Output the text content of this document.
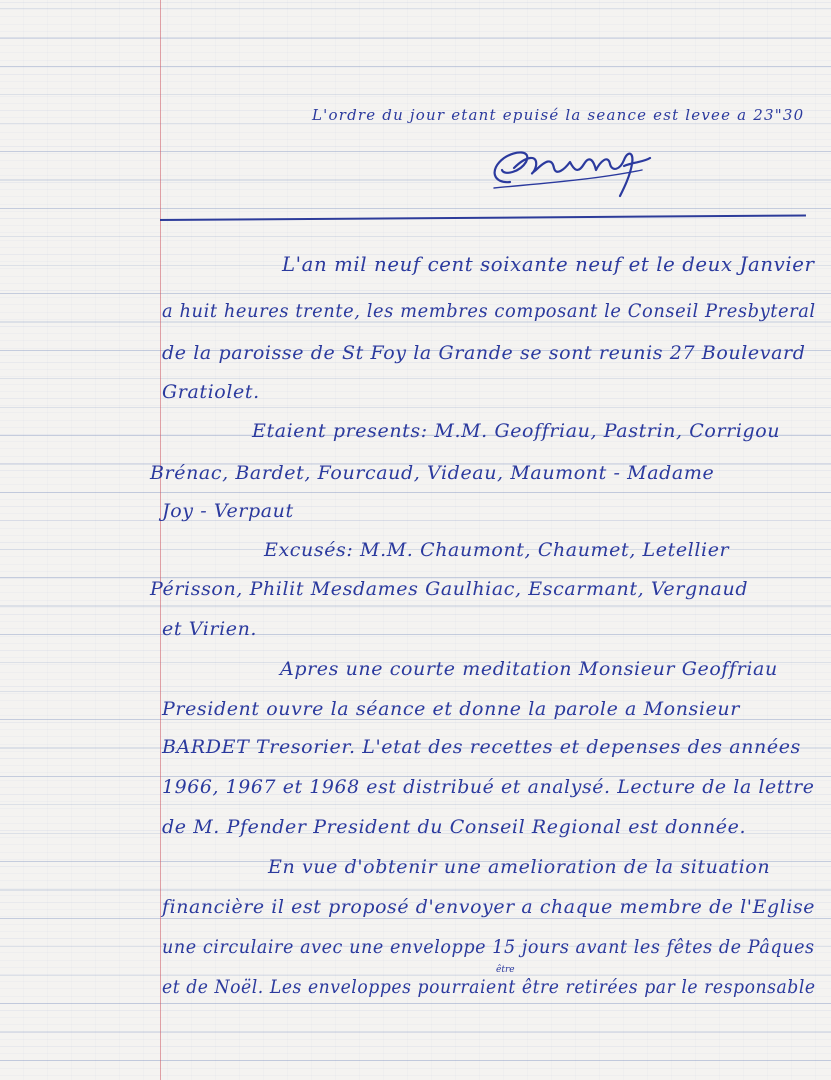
L'ordre du jour etant epuisé la seance est levee a 23"30
L'an mil neuf cent soixante neuf et le deux Janvier
a huit heures trente, les membres composant le Conseil Presbyteral
de la paroisse de St Foy la Grande se sont reunis 27 Boulevard
Gratiolet.
Etaient presents: M.M. Geoffriau, Pastrin, Corrigou
Brénac, Bardet, Fourcaud, Videau, Maumont - Madame
Joy - Verpaut
Excusés: M.M. Chaumont, Chaumet, Letellier
Périsson, Philit Mesdames Gaulhiac, Escarmant, Vergnaud
et Virien.
Apres une courte meditation Monsieur Geoffriau
President ouvre la séance et donne la parole a Monsieur
BARDET Tresorier. L'etat des recettes et depenses des années
1966, 1967 et 1968 est distribué et analysé. Lecture de la lettre
de M. Pfender President du Conseil Regional est donnée.
En vue d'obtenir une amelioration de la situation
financière il est proposé d'envoyer a chaque membre de l'Eglise
une circulaire avec une enveloppe 15 jours avant les fêtes de Pâques
être
et de Noël. Les enveloppes pourraient être retirées par le responsable
